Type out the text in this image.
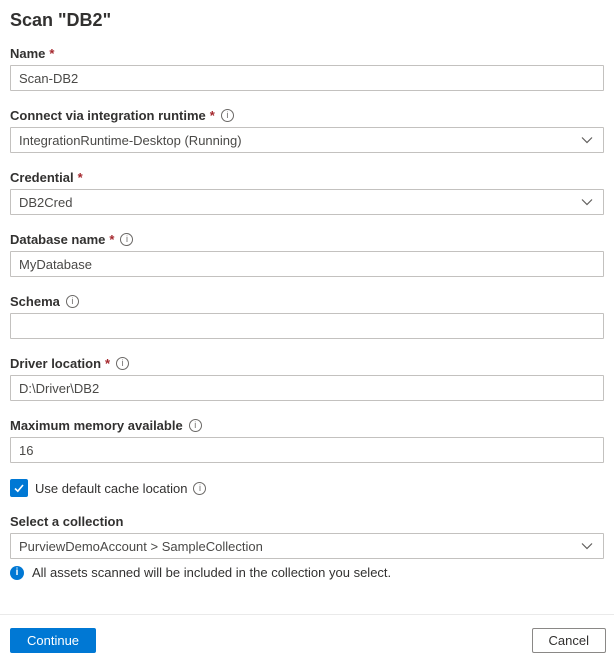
Scan "DB2"
Name *
Scan-DB2
Connect via integration runtime *	i
IntegrationRuntime-Desktop (Running)
Credential *
DB2Cred
Database name *	i
MyDatabase
Schema	i
Driver location *	i
D:\Driver\DB2
Maximum memory available	i
16
Use default cache location	i
Select a collection
PurviewDemoAccount > SampleCollection
i	All assets scanned will be included in the collection you select.
Continue	Cancel
